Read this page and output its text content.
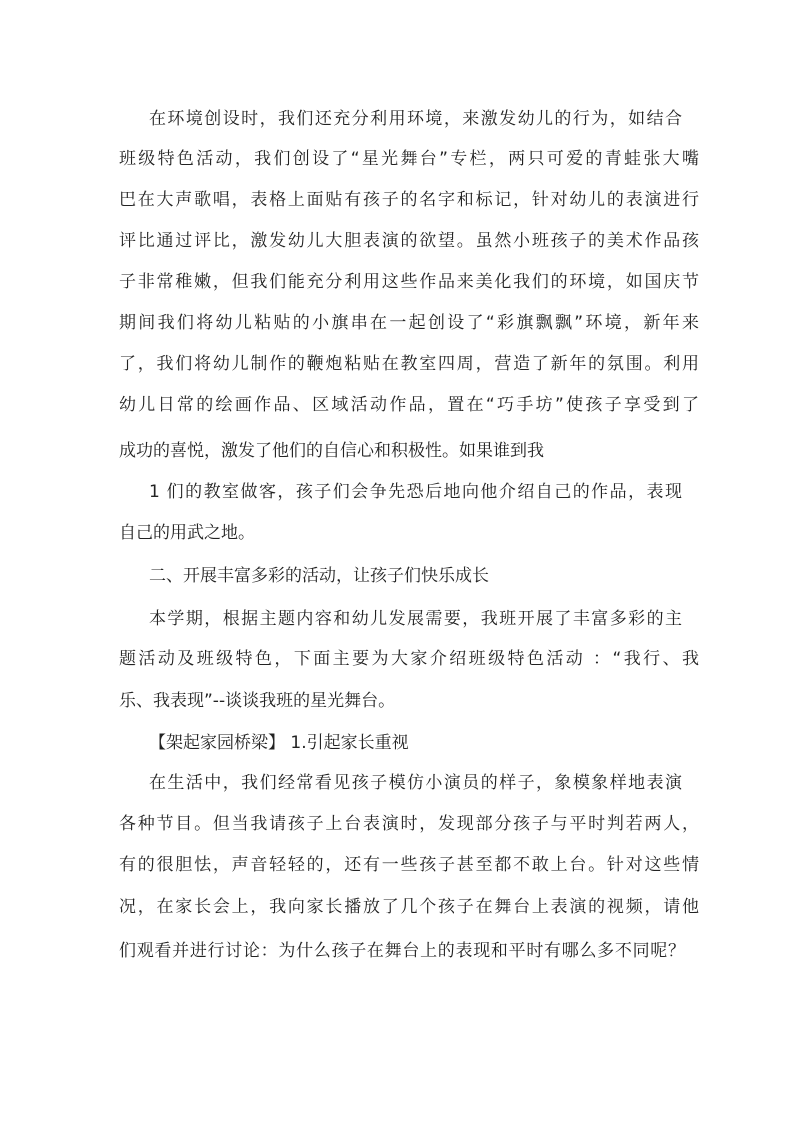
在环境创设时，我们还充分利用环境，来激发幼儿的行为，如结合
班级特色活动，我们创设了“星光舞台”专栏，两只可爱的青蛙张大嘴
巴在大声歌唱，表格上面贴有孩子的名字和标记，针对幼儿的表演进行
评比通过评比，激发幼儿大胆表演的欲望。虽然小班孩子的美术作品孩
子非常稚嫩，但我们能充分利用这些作品来美化我们的环境，如国庆节
期间我们将幼儿粘贴的小旗串在一起创设了“彩旗飘飘”环境，新年来
了，我们将幼儿制作的鞭炮粘贴在教室四周，营造了新年的氛围。利用
幼儿日常的绘画作品、区域活动作品，置在“巧手坊”使孩子享受到了
成功的喜悦，激发了他们的自信心和积极性。如果谁到我
1 们的教室做客，孩子们会争先恐后地向他介绍自己的作品，表现
自己的用武之地。
二、开展丰富多彩的活动，让孩子们快乐成长
本学期，根据主题内容和幼儿发展需要，我班开展了丰富多彩的主
题活动及班级特色，下面主要为大家介绍班级特色活动 ：“我行、我
乐、我表现”--谈谈我班的星光舞台。
【架起家园桥梁】 1.引起家长重视
在生活中，我们经常看见孩子模仿小演员的样子，象模象样地表演
各种节目。但当我请孩子上台表演时，发现部分孩子与平时判若两人，
有的很胆怯，声音轻轻的，还有一些孩子甚至都不敢上台。针对这些情
况，在家长会上，我向家长播放了几个孩子在舞台上表演的视频，请他
们观看并进行讨论：为什么孩子在舞台上的表现和平时有哪么多不同呢？
